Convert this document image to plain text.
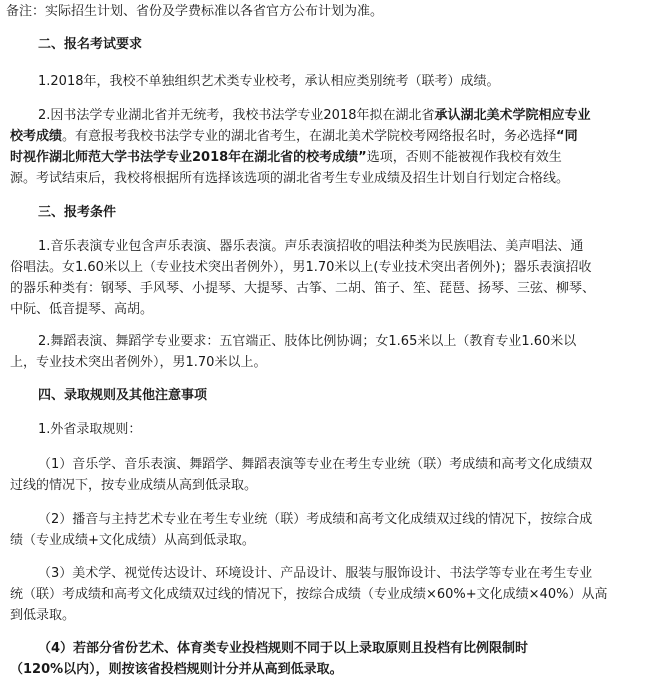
备注：实际招生计划、省份及学费标准以各省官方公布计划为准。
二、报名考试要求
1.2018年，我校不单独组织艺术类专业校考，承认相应类别统考（联考）成绩。
2.因书法学专业湖北省并无统考，我校书法学专业2018年拟在湖北省承认湖北美术学院相应专业
校考成绩。有意报考我校书法学专业的湖北省考生，在湖北美术学院校考网络报名时，务必选择“同
时视作湖北师范大学书法学专业2018年在湖北省的校考成绩”选项，否则不能被视作我校有效生
源。考试结束后，我校将根据所有选择该选项的湖北省考生专业成绩及招生计划自行划定合格线。
三、报考条件
1.音乐表演专业包含声乐表演、器乐表演。声乐表演招收的唱法种类为民族唱法、美声唱法、通
俗唱法。女1.60米以上（专业技术突出者例外），男1.70米以上(专业技术突出者例外)；器乐表演招收
的器乐种类有：钢琴、手风琴、小提琴、大提琴、古筝、二胡、笛子、笙、琵琶、扬琴、三弦、柳琴、
中阮、低音提琴、高胡。
2.舞蹈表演、舞蹈学专业要求：五官端正、肢体比例协调；女1.65米以上（教育专业1.60米以
上，专业技术突出者例外），男1.70米以上。
四、录取规则及其他注意事项
1.外省录取规则：
（1）音乐学、音乐表演、舞蹈学、舞蹈表演等专业在考生专业统（联）考成绩和高考文化成绩双
过线的情况下，按专业成绩从高到低录取。
（2）播音与主持艺术专业在考生专业统（联）考成绩和高考文化成绩双过线的情况下，按综合成
绩（专业成绩+文化成绩）从高到低录取。
（3）美术学、视觉传达设计、环境设计、产品设计、服装与服饰设计、书法学等专业在考生专业
统（联）考成绩和高考文化成绩双过线的情况下，按综合成绩（专业成绩×60%+文化成绩×40%）从高
到低录取。
（4）若部分省份艺术、体育类专业投档规则不同于以上录取原则且投档有比例限制时
（120%以内），则按该省投档规则计分并从高到低录取。
